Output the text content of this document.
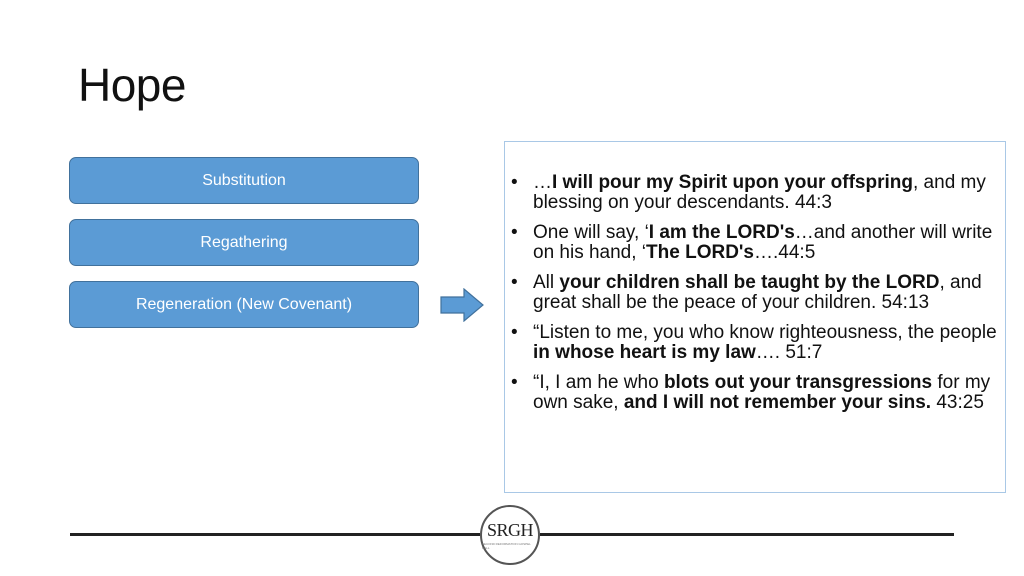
Hope
Substitution
Regathering
Regeneration (New Covenant)
• …I will pour my Spirit upon your offspring, and my blessing on your descendants. 44:3
• One will say, ‘I am the LORD's…and another will write on his hand, ‘The LORD's….44:5
• All your children shall be taught by the LORD, and great shall be the peace of your children. 54:13
• “Listen to me, you who know righteousness, the people in whose heart is my law…. 51:7
• “I, I am he who blots out your transgressions for my own sake, and I will not remember your sins. 43:25
SRGH
SECOND REFORMATION GOSPEL HALL
